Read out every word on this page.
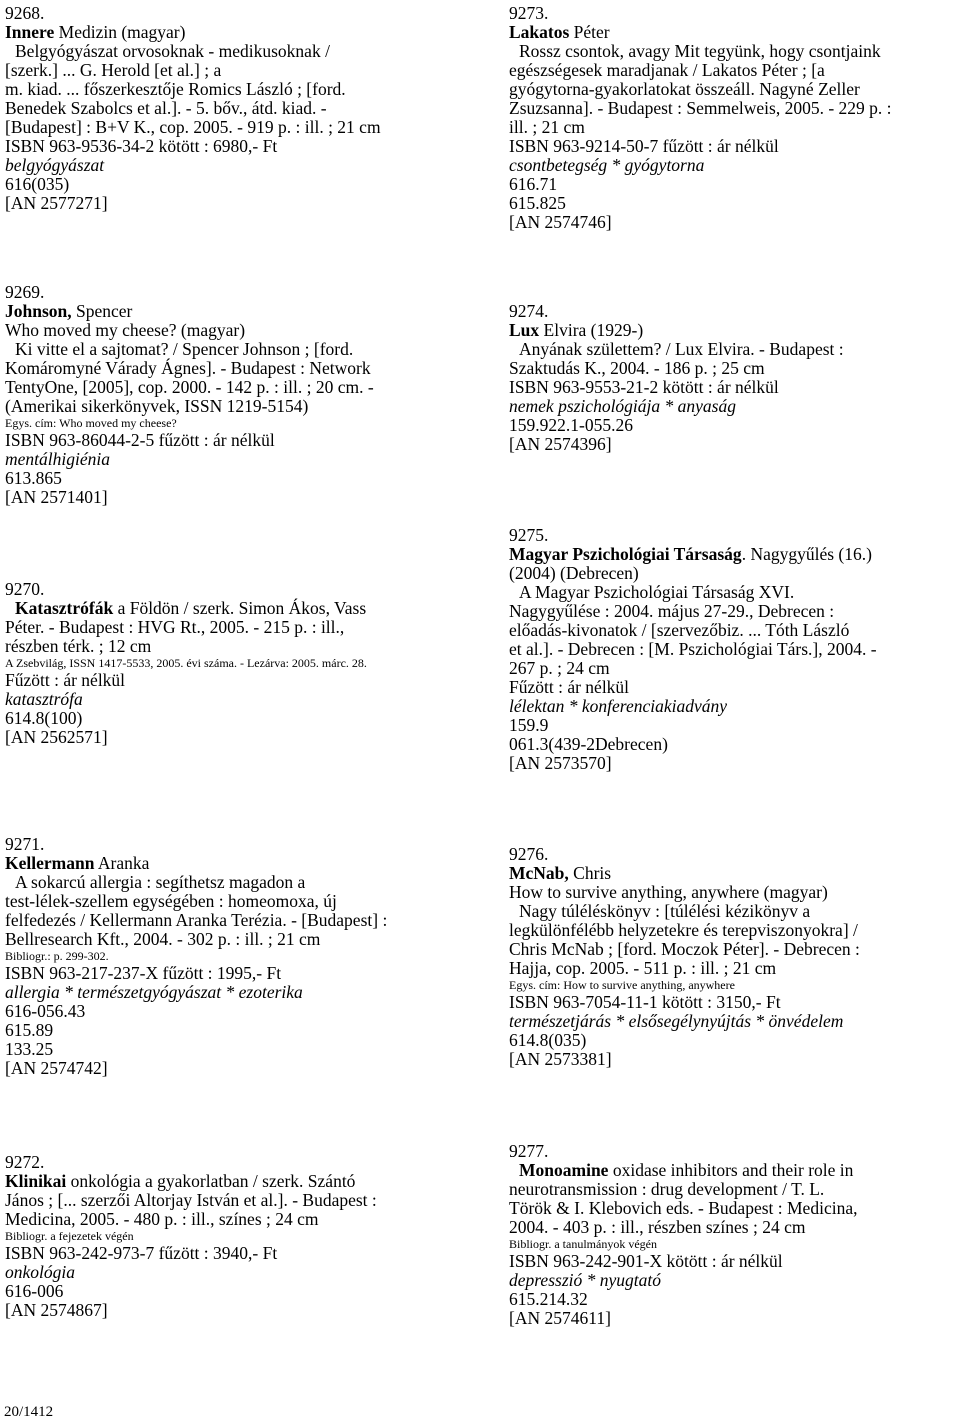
9268.
Innere Medizin (magyar)
Belgyógyászat orvosoknak - medikusoknak /
[szerk.] ... G. Herold [et al.] ; a
m. kiad. ... főszerkesztője Romics László ; [ford.
Benedek Szabolcs et al.]. - 5. bőv., átd. kiad. -
[Budapest] : B+V K., cop. 2005. - 919 p. : ill. ; 21 cm
ISBN 963-9536-34-2 kötött : 6980,- Ft
belgyógyászat
616(035)
[AN 2577271]
9269.
Johnson, Spencer
Who moved my cheese? (magyar)
Ki vitte el a sajtomat? / Spencer Johnson ; [ford.
Komáromyné Várady Ágnes]. - Budapest : Network
TentyOne, [2005], cop. 2000. - 142 p. : ill. ; 20 cm. -
(Amerikai sikerkönyvek, ISSN 1219-5154)
Egys. cím: Who moved my cheese?
ISBN 963-86044-2-5 fűzött : ár nélkül
mentálhigiénia
613.865
[AN 2571401]
9270.
Katasztrófák a Földön / szerk. Simon Ákos, Vass
Péter. - Budapest : HVG Rt., 2005. - 215 p. : ill.,
részben térk. ; 12 cm
A Zsebvilág, ISSN 1417-5533, 2005. évi száma. - Lezárva: 2005. márc. 28.
Fűzött : ár nélkül
katasztrófa
614.8(100)
[AN 2562571]
9271.
Kellermann Aranka
A sokarcú allergia : segíthetsz magadon a
test-lélek-szellem egységében : homeomoxa, új
felfedezés / Kellermann Aranka Terézia. - [Budapest] :
Bellresearch Kft., 2004. - 302 p. : ill. ; 21 cm
Bibliogr.: p. 299-302.
ISBN 963-217-237-X fűzött : 1995,- Ft
allergia * természetgyógyászat * ezoterika
616-056.43
615.89
133.25
[AN 2574742]
9272.
Klinikai onkológia a gyakorlatban / szerk. Szántó
János ; [... szerzői Altorjay István et al.]. - Budapest :
Medicina, 2005. - 480 p. : ill., színes ; 24 cm
Bibliogr. a fejezetek végén
ISBN 963-242-973-7 fűzött : 3940,- Ft
onkológia
616-006
[AN 2574867]
9273.
Lakatos Péter
Rossz csontok, avagy Mit tegyünk, hogy csontjaink
egészségesek maradjanak / Lakatos Péter ; [a
gyógytorna-gyakorlatokat összeáll. Nagyné Zeller
Zsuzsanna]. - Budapest : Semmelweis, 2005. - 229 p. :
ill. ; 21 cm
ISBN 963-9214-50-7 fűzött : ár nélkül
csontbetegség * gyógytorna
616.71
615.825
[AN 2574746]
9274.
Lux Elvira (1929-)
Anyának születtem? / Lux Elvira. - Budapest :
Szaktudás K., 2004. - 186 p. ; 25 cm
ISBN 963-9553-21-2 kötött : ár nélkül
nemek pszichológiája * anyaság
159.922.1-055.26
[AN 2574396]
9275.
Magyar Pszichológiai Társaság. Nagygyűlés (16.)
(2004) (Debrecen)
A Magyar Pszichológiai Társaság XVI.
Nagygyűlése : 2004. május 27-29., Debrecen :
előadás-kivonatok / [szervezőbiz. ... Tóth László
et al.]. - Debrecen : [M. Pszichológiai Társ.], 2004. -
267 p. ; 24 cm
Fűzött : ár nélkül
lélektan * konferenciakiadvány
159.9
061.3(439-2Debrecen)
[AN 2573570]
9276.
McNab, Chris
How to survive anything, anywhere (magyar)
Nagy túléléskönyv : [túlélési kézikönyv a
legkülönfélébb helyzetekre és terepviszonyokra] /
Chris McNab ; [ford. Moczok Péter]. - Debrecen :
Hajja, cop. 2005. - 511 p. : ill. ; 21 cm
Egys. cím: How to survive anything, anywhere
ISBN 963-7054-11-1 kötött : 3150,- Ft
természetjárás * elsősegélynyújtás * önvédelem
614.8(035)
[AN 2573381]
9277.
Monoamine oxidase inhibitors and their role in
neurotransmission : drug development / T. L.
Török & I. Klebovich eds. - Budapest : Medicina,
2004. - 403 p. : ill., részben színes ; 24 cm
Bibliogr. a tanulmányok végén
ISBN 963-242-901-X kötött : ár nélkül
depresszió * nyugtató
615.214.32
[AN 2574611]
20/1412
